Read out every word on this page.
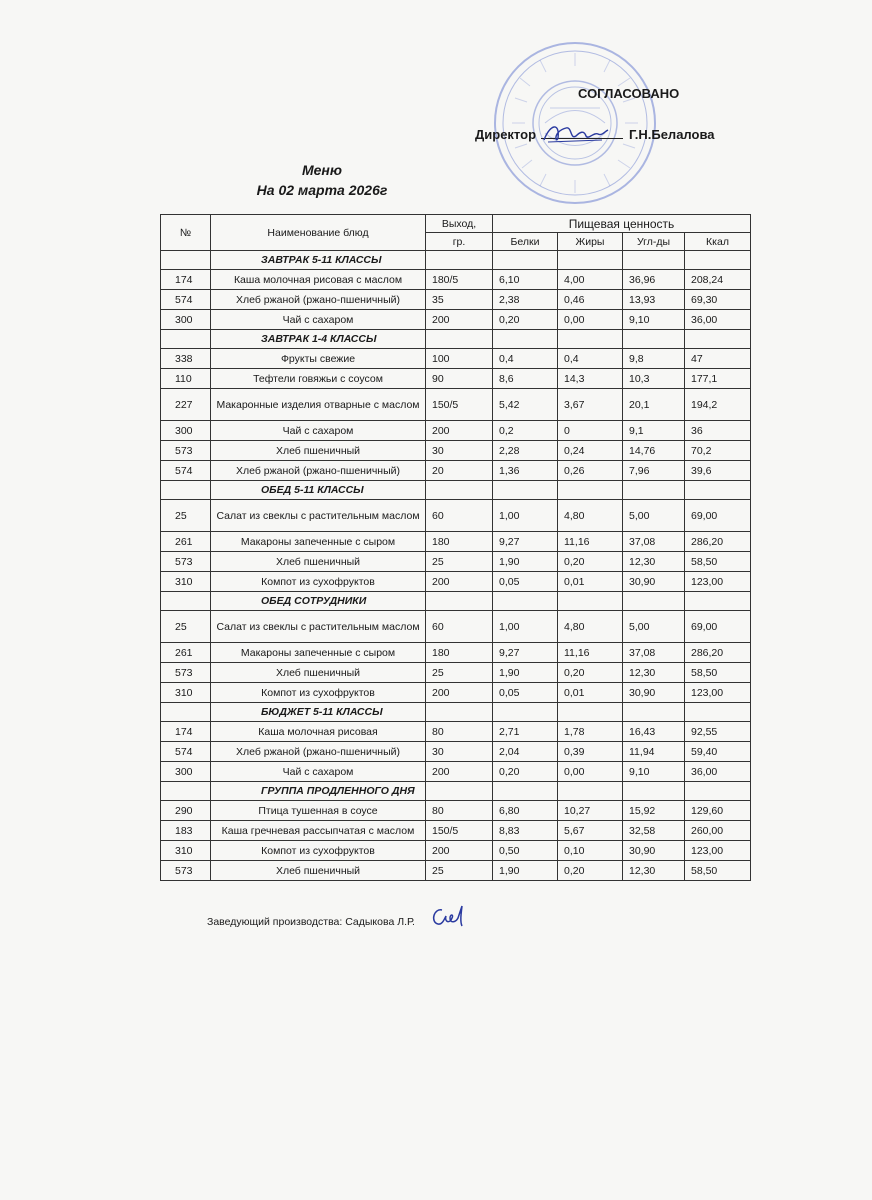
СОГЛАСОВАНО
Директор	Г.Н.Белалова
Меню
На 02 марта 2026г
№	Наименование блюд	Выход,	Пищевая ценность			
		гр.	Белки	Жиры	Угл-ды	Ккал
	ЗАВТРАК 5-11 КЛАССЫ					
174	Каша молочная рисовая с маслом	180/5	6,10	4,00	36,96	208,24
574	Хлеб ржаной (ржано-пшеничный)	35	2,38	0,46	13,93	69,30
300	Чай с сахаром	200	0,20	0,00	9,10	36,00
	ЗАВТРАК 1-4 КЛАССЫ					
338	Фрукты свежие	100	0,4	0,4	9,8	47
110	Тефтели говяжьи с соусом	90	8,6	14,3	10,3	177,1
227	Макаронные изделия отварные с маслом	150/5	5,42	3,67	20,1	194,2
300	Чай с сахаром	200	0,2	0	9,1	36
573	Хлеб пшеничный	30	2,28	0,24	14,76	70,2
574	Хлеб ржаной (ржано-пшеничный)	20	1,36	0,26	7,96	39,6
	ОБЕД 5-11 КЛАССЫ					
25	Салат из свеклы с растительным маслом	60	1,00	4,80	5,00	69,00
261	Макароны запеченные с сыром	180	9,27	11,16	37,08	286,20
573	Хлеб пшеничный	25	1,90	0,20	12,30	58,50
310	Компот из сухофруктов	200	0,05	0,01	30,90	123,00
	ОБЕД СОТРУДНИКИ					
25	Салат из свеклы с растительным маслом	60	1,00	4,80	5,00	69,00
261	Макароны запеченные с сыром	180	9,27	11,16	37,08	286,20
573	Хлеб пшеничный	25	1,90	0,20	12,30	58,50
310	Компот из сухофруктов	200	0,05	0,01	30,90	123,00
	БЮДЖЕТ 5-11 КЛАССЫ					
174	Каша молочная рисовая	80	2,71	1,78	16,43	92,55
574	Хлеб ржаной (ржано-пшеничный)	30	2,04	0,39	11,94	59,40
300	Чай с сахаром	200	0,20	0,00	9,10	36,00
	ГРУППА ПРОДЛЕННОГО ДНЯ					
290	Птица тушенная в соусе	80	6,80	10,27	15,92	129,60
183	Каша гречневая рассыпчатая с маслом	150/5	8,83	5,67	32,58	260,00
310	Компот из сухофруктов	200	0,50	0,10	30,90	123,00
573	Хлеб пшеничный	25	1,90	0,20	12,30	58,50
Заведующий производства: Садыкова Л.Р.
